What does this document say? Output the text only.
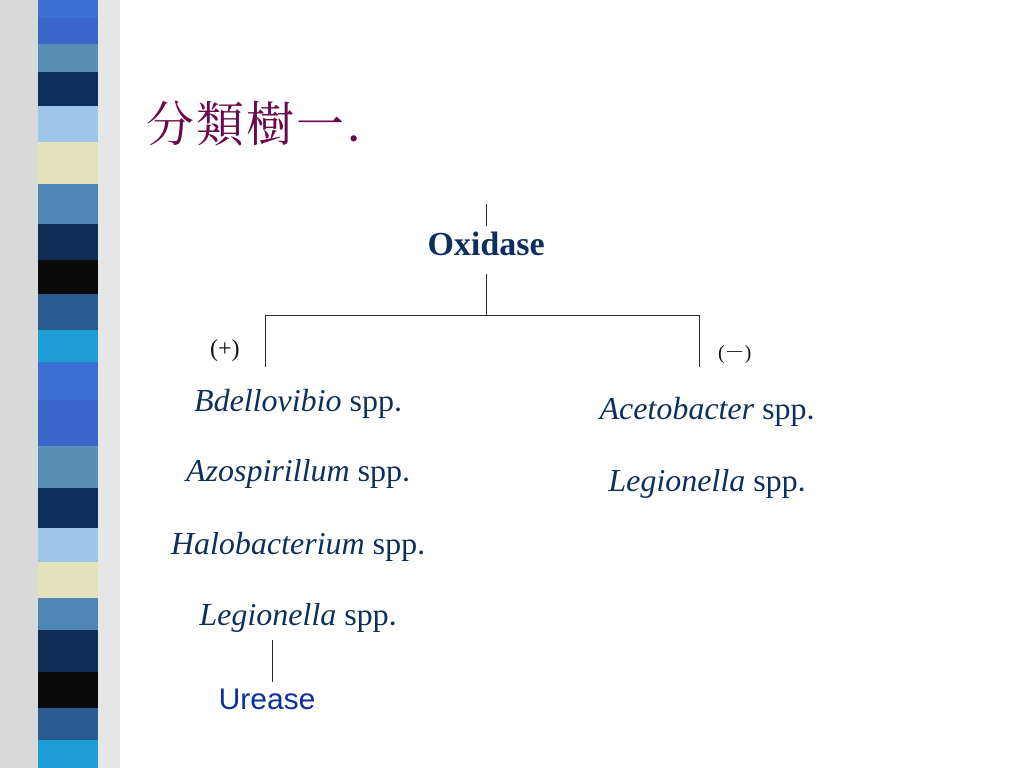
分類樹一.
Oxidase
(+)	(－)
Bdellovibio spp.
Azospirillum spp.
Halobacterium spp.
Legionella spp.
Acetobacter spp.
Legionella spp.
Urease
